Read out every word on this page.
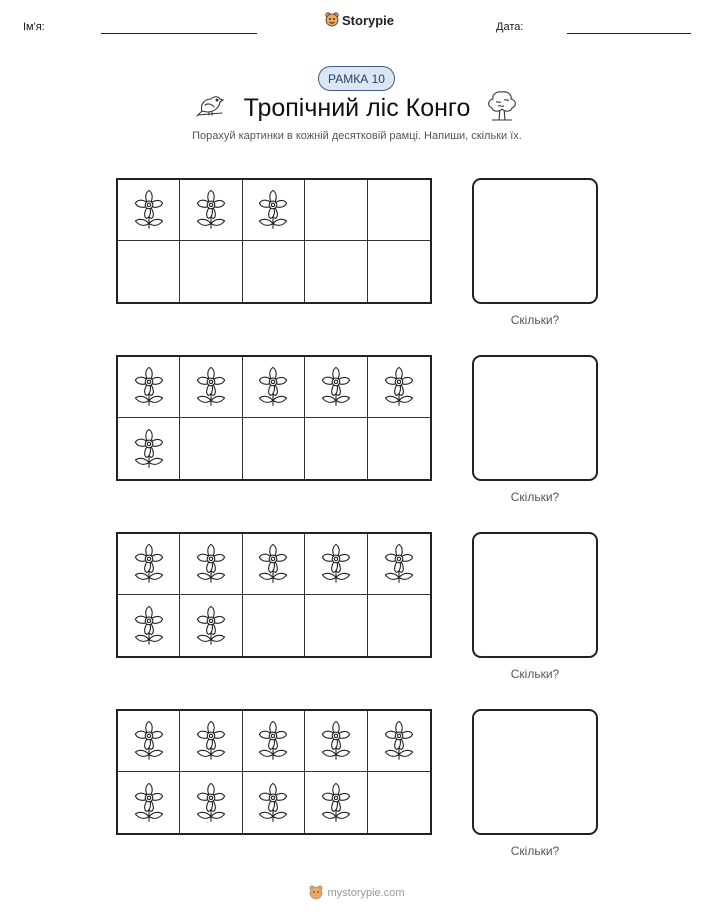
Ім'я:	Storypie	Дата:
РАМКА 10
Тропічний ліс Конго
Порахуй картинки в кожній десятковій рамці. Напиши, скільки їх.
Скільки?
Скільки?
Скільки?
Скільки?
mystorypie.com
